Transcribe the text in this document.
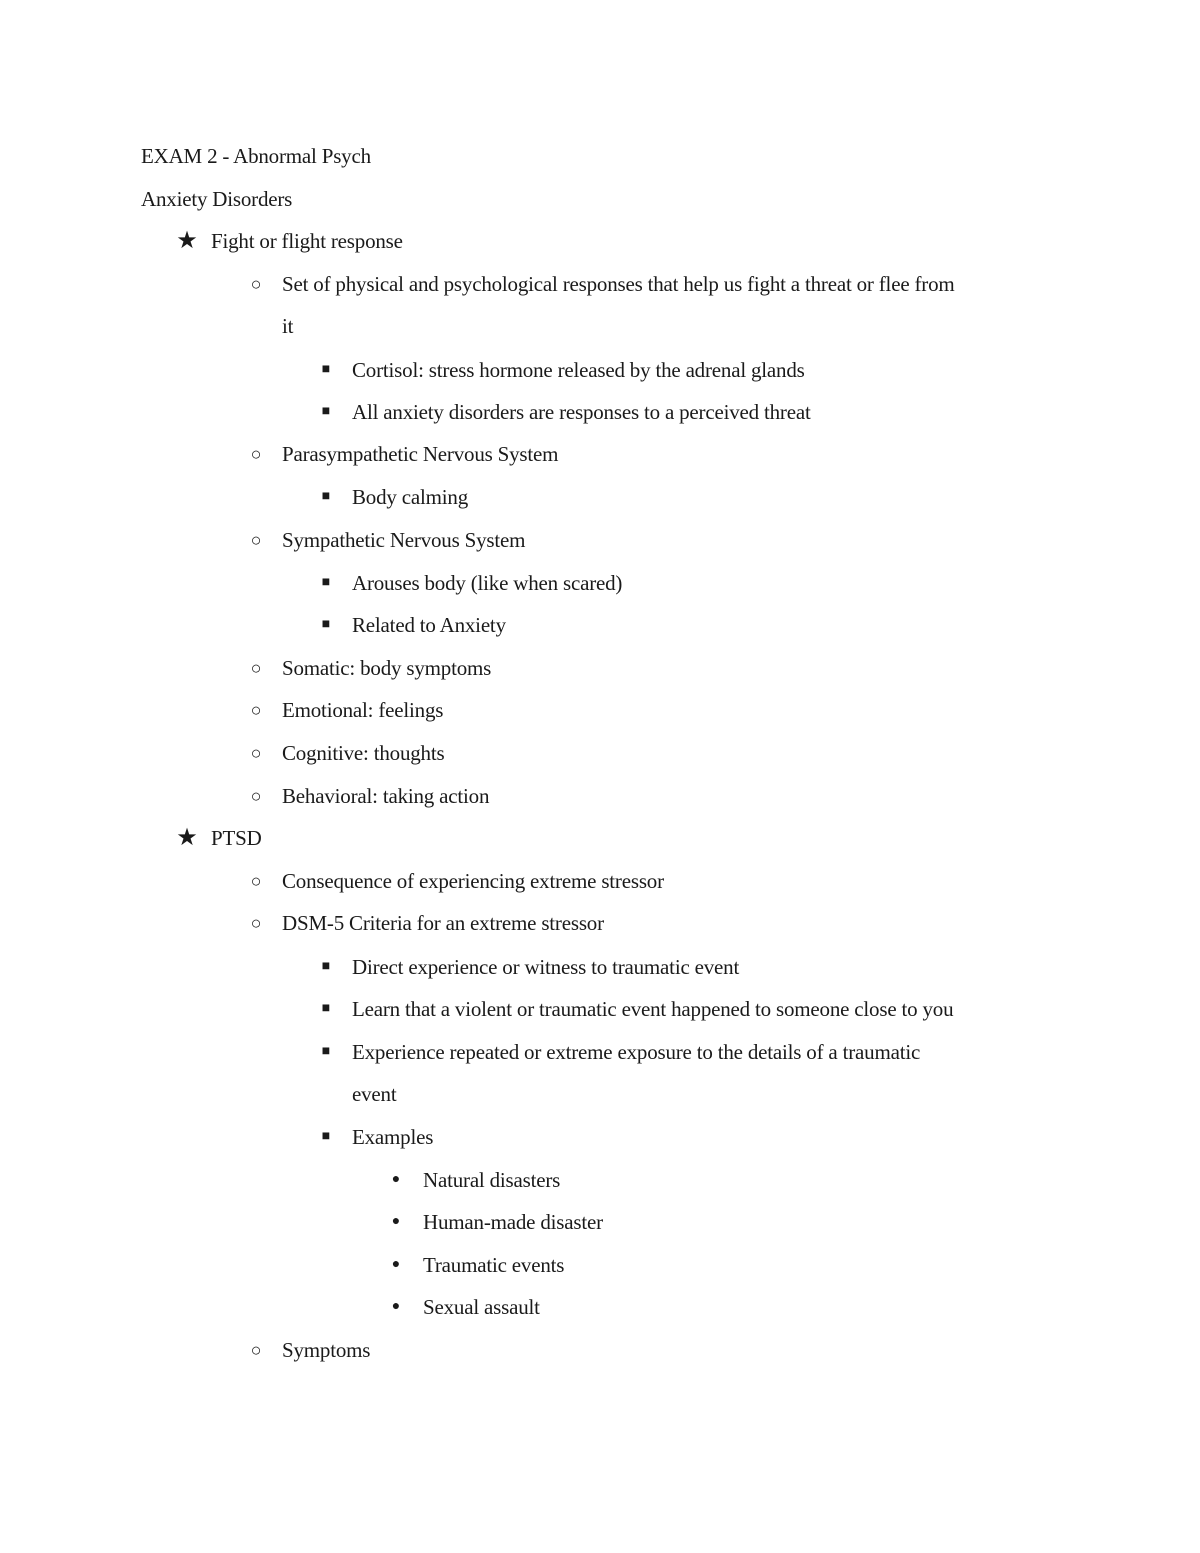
EXAM 2 - Abnormal Psych
Anxiety Disorders
★ Fight or flight response
○ Set of physical and psychological responses that help us fight a threat or flee from
it
■	Cortisol: stress hormone released by the adrenal glands
■	All anxiety disorders are responses to a perceived threat
○ Parasympathetic Nervous System
■	Body calming
○ Sympathetic Nervous System
■	Arouses body (like when scared)
■	Related to Anxiety
○ Somatic: body symptoms
○ Emotional: feelings
○ Cognitive: thoughts
○ Behavioral: taking action
★ PTSD
○ Consequence of experiencing extreme stressor
○ DSM-5 Criteria for an extreme stressor
■	Direct experience or witness to traumatic event
■	Learn that a violent or traumatic event happened to someone close to you
■	Experience repeated or extreme exposure to the details of a traumatic
event
■	Examples
●	Natural disasters
●	Human-made disaster
●	Traumatic events
●	Sexual assault
○ Symptoms
